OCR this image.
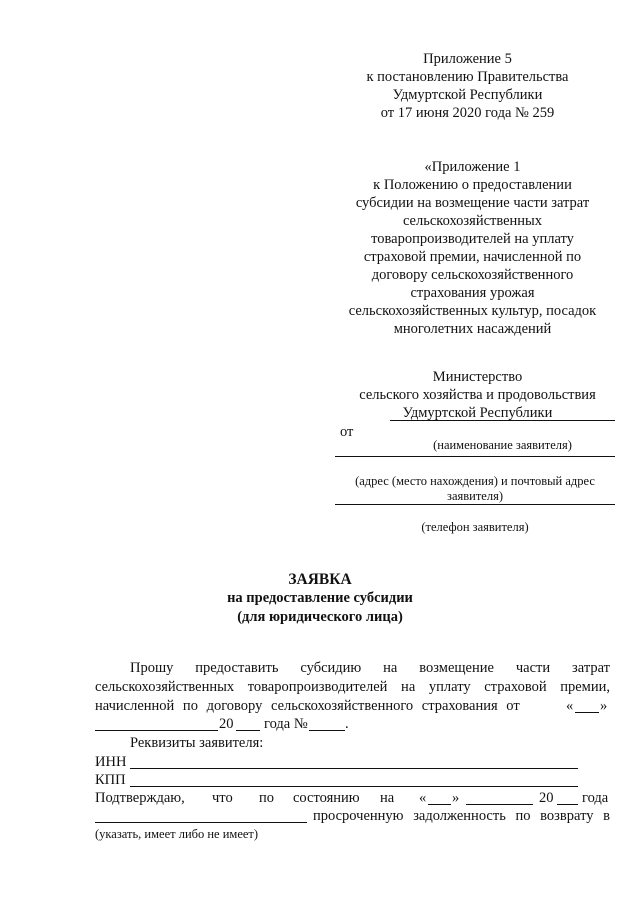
Приложение 5
к постановлению Правительства
Удмуртской Республики
от 17 июня 2020 года № 259
«Приложение 1
к Положению о предоставлении
субсидии на возмещение части затрат
сельскохозяйственных
товаропроизводителей на уплату
страховой премии, начисленной по
договору сельскохозяйственного
страхования урожая
сельскохозяйственных культур, посадок
многолетних насаждений
Министерство
сельского хозяйства и продовольствия
Удмуртской Республики
от
(наименование заявителя)
(адрес (место нахождения) и почтовый адрес
заявителя)
(телефон заявителя)
ЗАЯВКА
на предоставление субсидии
(для юридического лица)
Прошу предоставить субсидию на возмещение части затрат
сельскохозяйственных товаропроизводителей на уплату страховой премии,
начисленной по договору сельскохозяйственного страхования от	« »
20 года №	.
Реквизиты заявителя:
ИНН
КПП
Подтверждаю, что по состоянию на « »	20 года
просроченную задолженность по возврату в
(указать, имеет либо не имеет)
